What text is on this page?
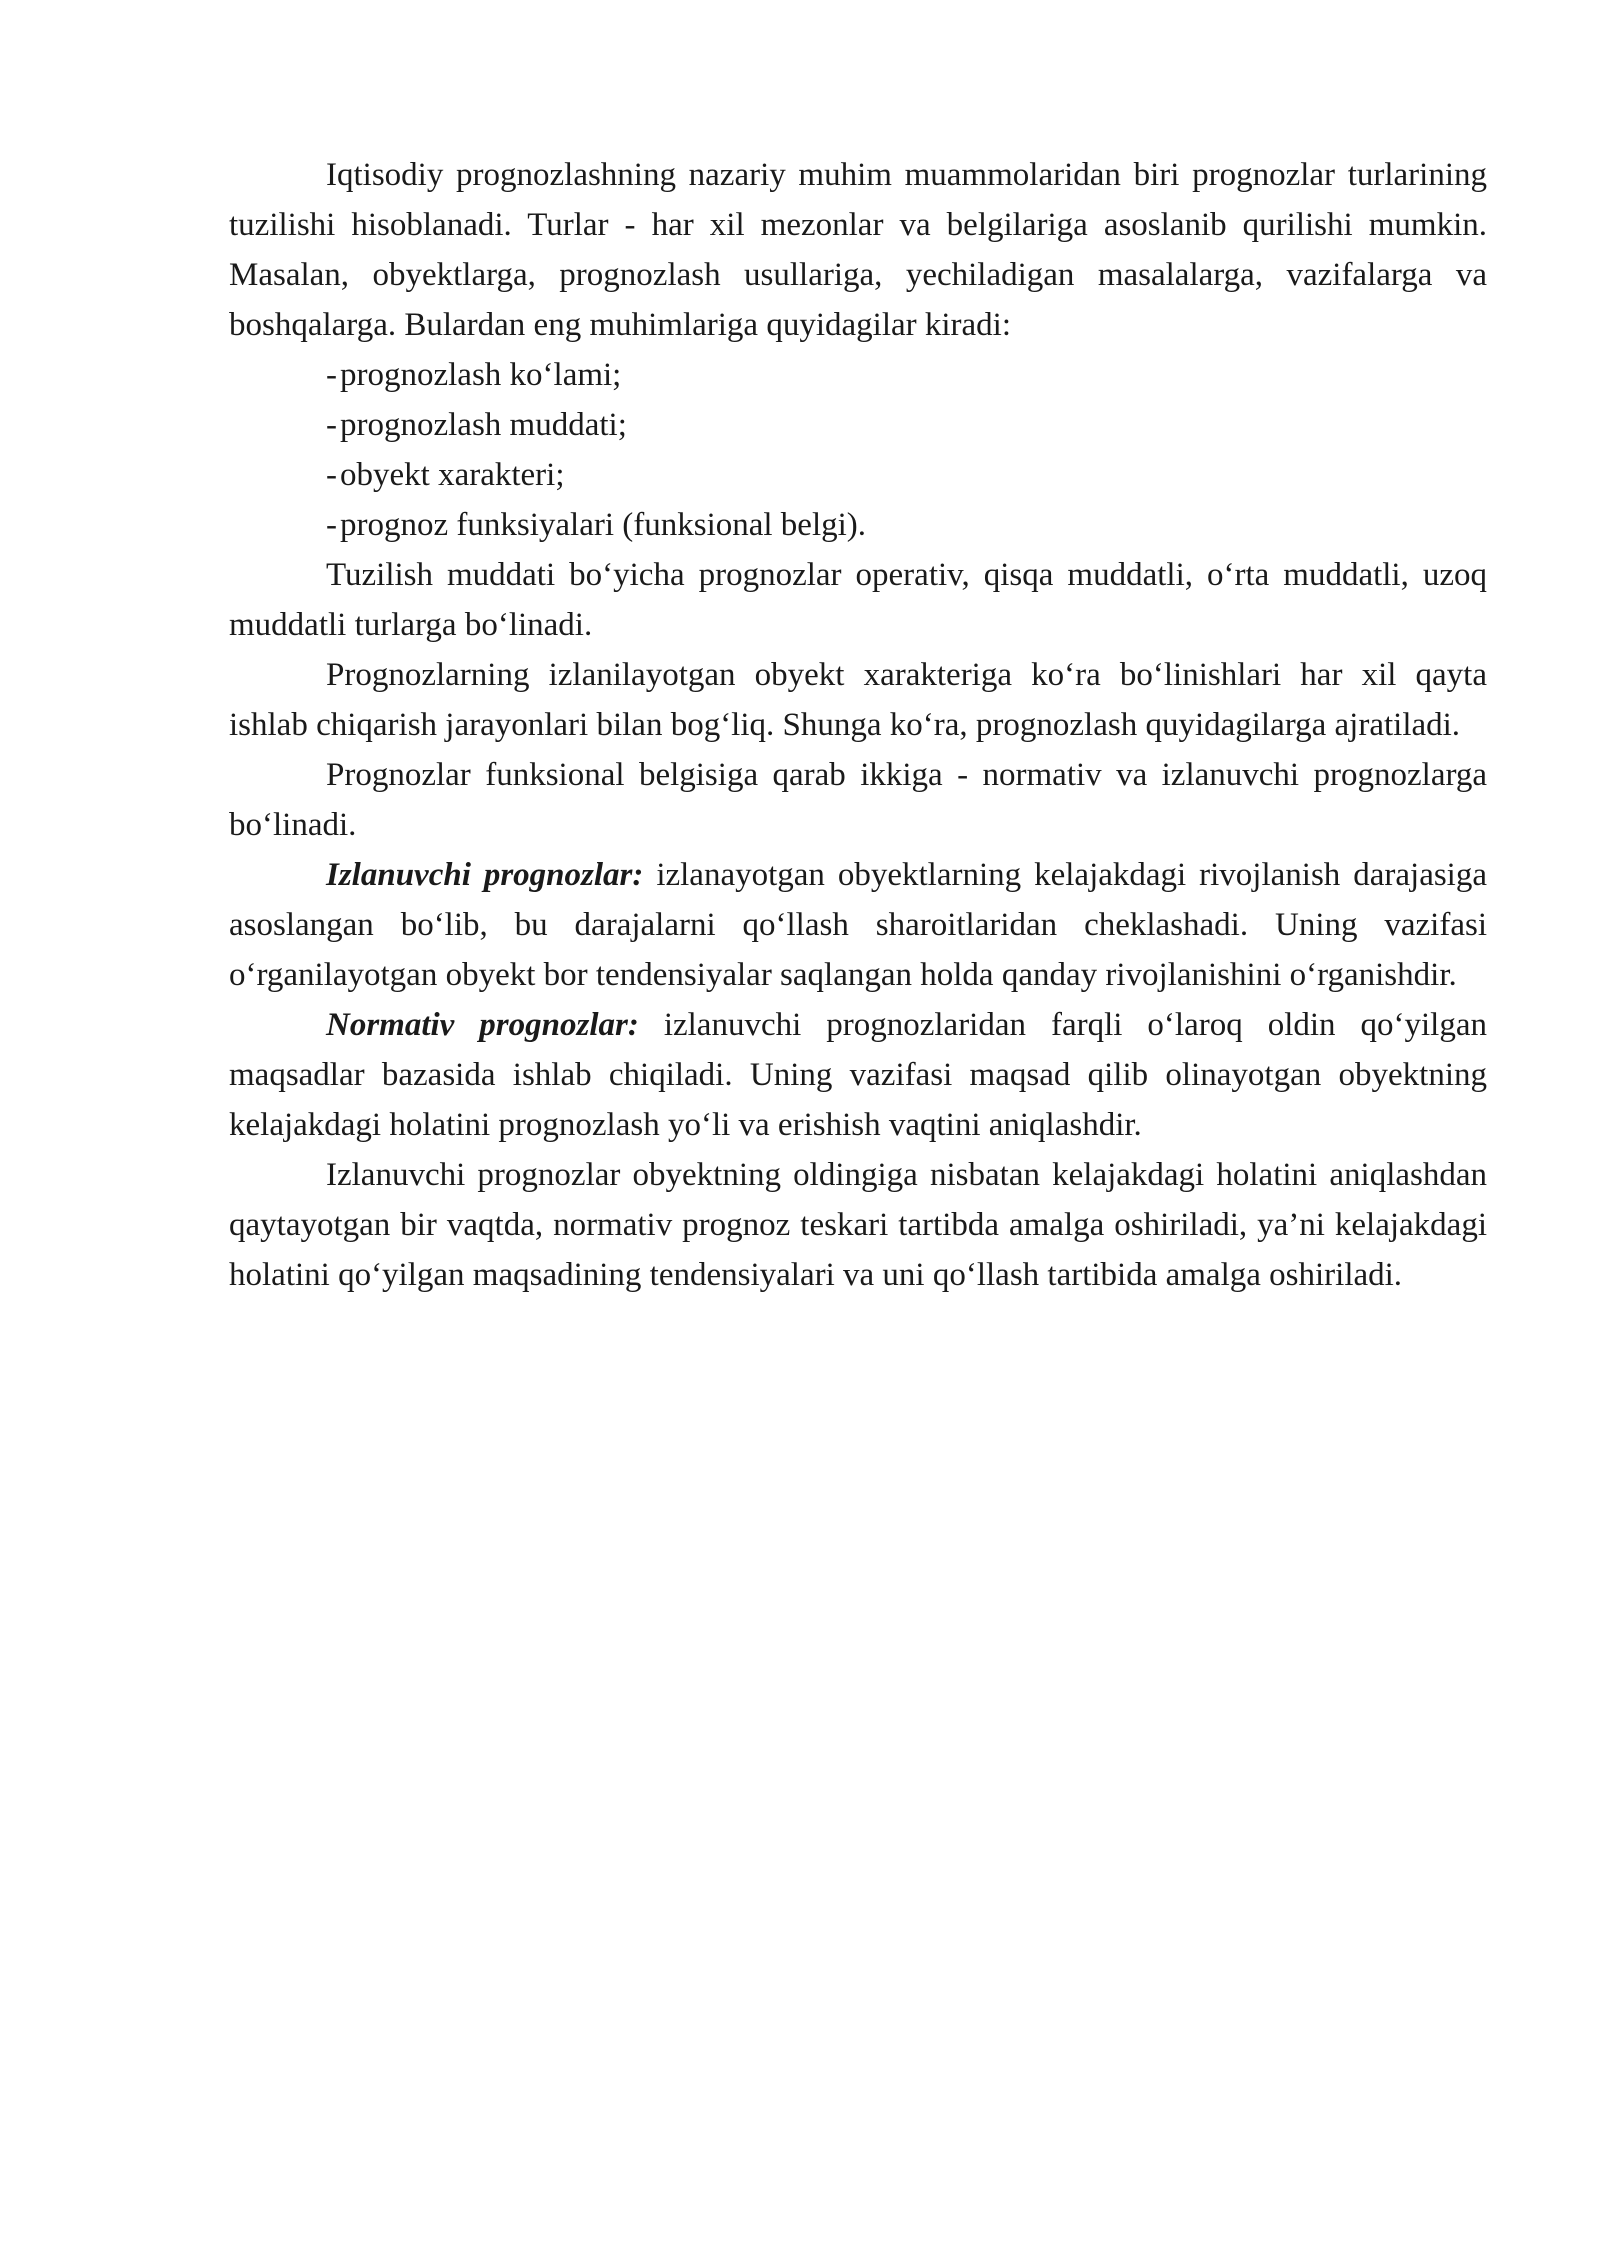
Iqtisodiy prognozlashning nazariy muhim muammolaridan biri prognozlar turlarining tuzilishi hisoblanadi. Turlar - har xil mezonlar va belgilariga asoslanib qurilishi mumkin. Masalan, obyektlarga, prognozlash usullariga, yechiladigan masalalarga, vazifalarga va boshqalarga. Bulardan eng muhimlariga quyidagilar kiradi:

-prognozlash ko‘lami;
-prognozlash muddati;
-obyekt xarakteri;
-prognoz funksiyalari (funksional belgi).

Tuzilish muddati bo‘yicha prognozlar operativ, qisqa muddatli, o‘rta muddatli, uzoq muddatli turlarga bo‘linadi.

Prognozlarning izlanilayotgan obyekt xarakteriga ko‘ra bo‘linishlari har xil qayta ishlab chiqarish jarayonlari bilan bog‘liq. Shunga ko‘ra, prognozlash quyidagilarga ajratiladi.

Prognozlar funksional belgisiga qarab ikkiga - normativ va izlanuvchi prognozlarga bo‘linadi.

Izlanuvchi prognozlar: izlanayotgan obyektlarning kelajakdagi rivojlanish darajasiga asoslangan bo‘lib, bu darajalarni qo‘llash sharoitlaridan cheklashadi. Uning vazifasi o‘rganilayotgan obyekt bor tendensiyalar saqlangan holda qanday rivojlanishini o‘rganishdir.

Normativ prognozlar: izlanuvchi prognozlaridan farqli o‘laroq oldin qo‘yilgan maqsadlar bazasida ishlab chiqiladi. Uning vazifasi maqsad qilib olinayotgan obyektning kelajakdagi holatini prognozlash yo‘li va erishish vaqtini aniqlashdir.

Izlanuvchi prognozlar obyektning oldingiga nisbatan kelajakdagi holatini aniqlashdan qaytayotgan bir vaqtda, normativ prognoz teskari tartibda amalga oshiriladi, ya’ni kelajakdagi holatini qo‘yilgan maqsadining tendensiyalari va uni qo‘llash tartibida amalga oshiriladi.
